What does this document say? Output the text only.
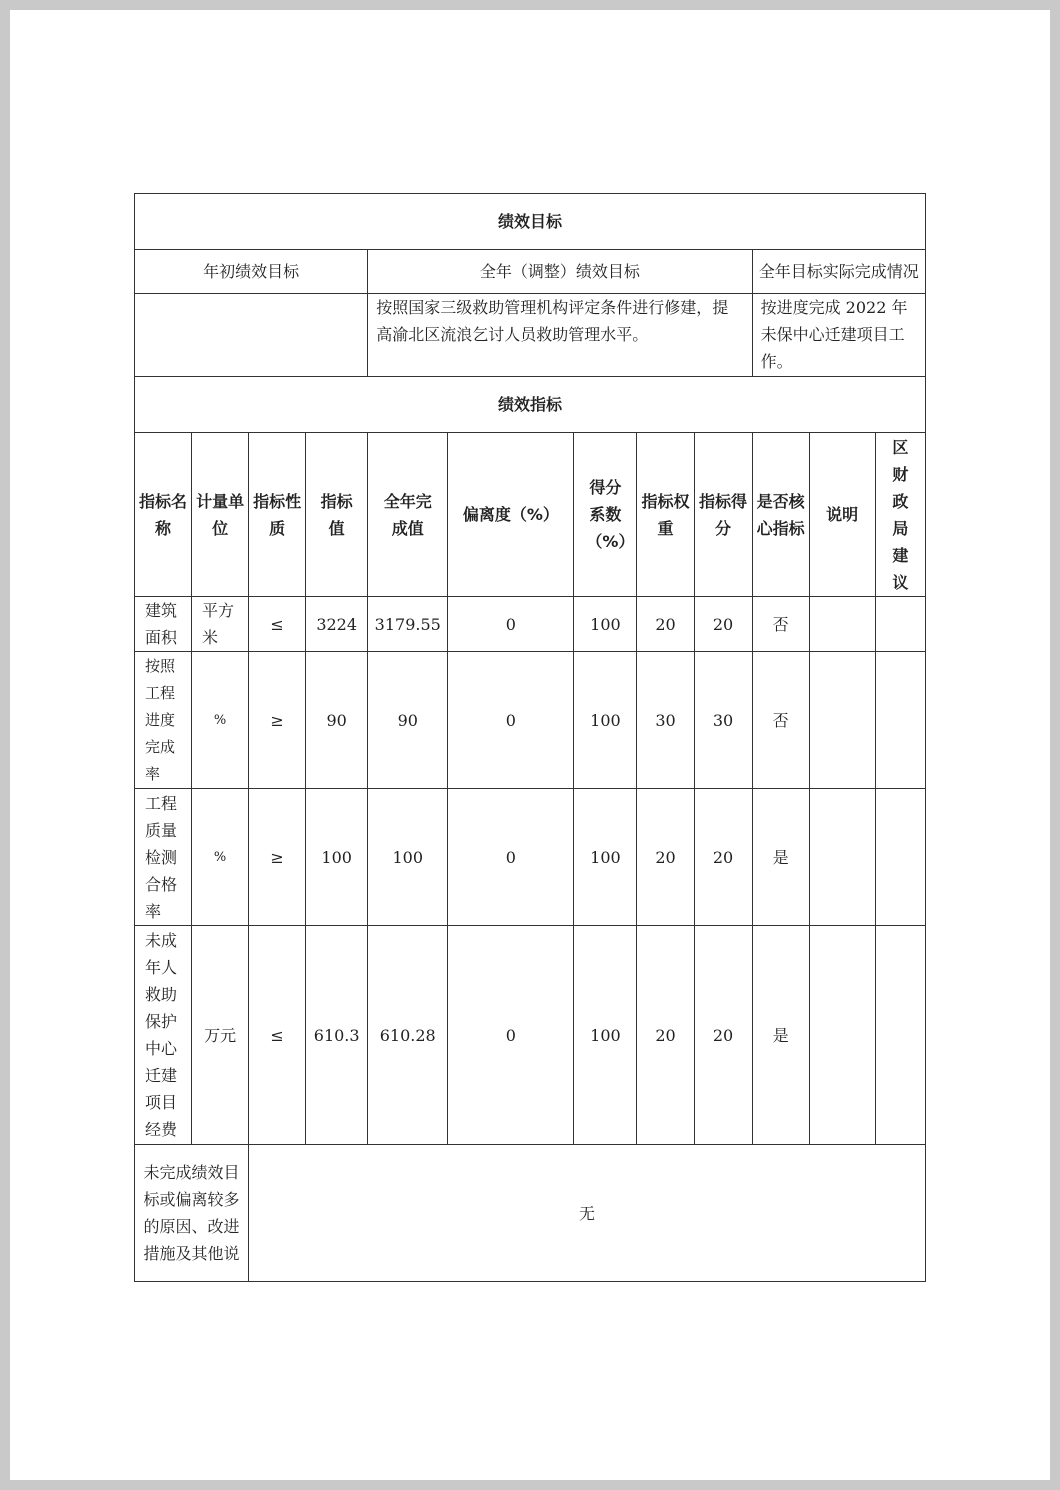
绩效目标											
年初绩效目标				全年（调整）绩效目标					全年目标实际完成情况		
				按照国家三级救助管理机构评定条件进行修建，提高渝北区流浪乞讨人员救助管理水平。					按进度完成 2022 年未保中心迁建项目工作。		
绩效指标											
指标名称	计量单位	指标性质	指标值	全年完成值	偏离度（%）	得分系数（%）	指标权重	指标得分	是否核心指标	说明	区财政局建议
建筑面积	平方米	≤	3224	3179.55	0	100	20	20	否		
按照工程进度完成率	%	≥	90	90	0	100	30	30	否		
工程质量检测合格率	%	≥	100	100	0	100	20	20	是		
未成年人救助保护中心迁建项目经费	万元	≤	610.3	610.28	0	100	20	20	是		
未完成绩效目标或偏离较多的原因、改进措施及其他说		无									
